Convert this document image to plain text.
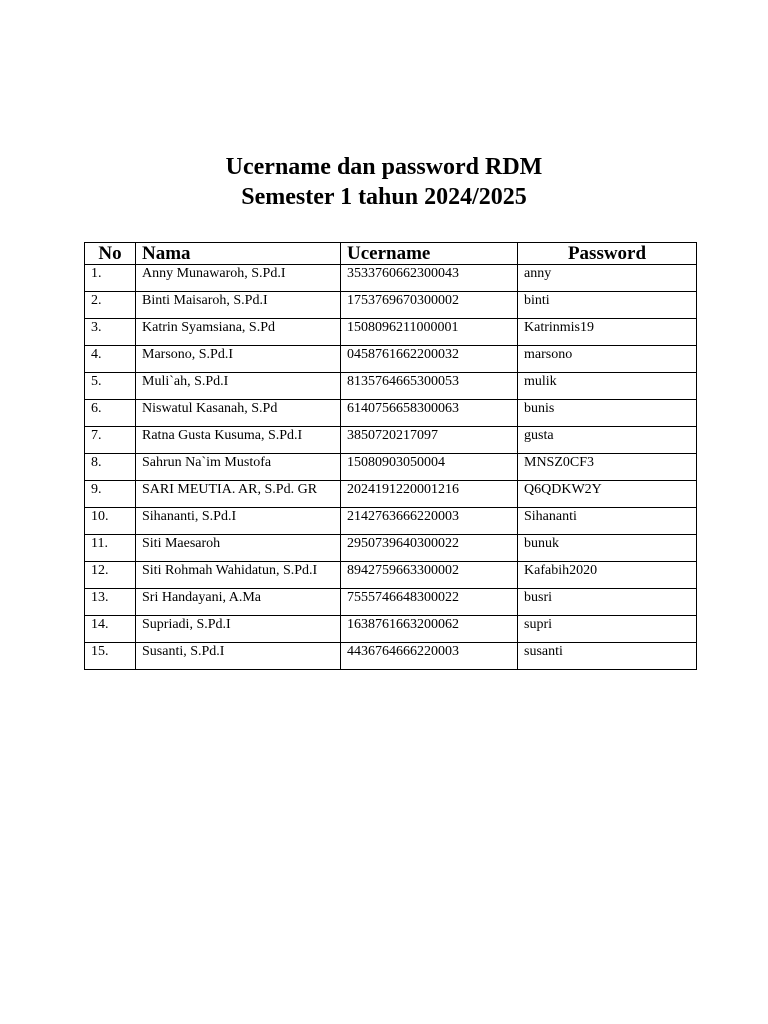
Ucername dan password RDM
Semester 1 tahun 2024/2025
No	Nama	Ucername	Password
1.	Anny Munawaroh, S.Pd.I	3533760662300043	anny
2.	Binti Maisaroh, S.Pd.I	1753769670300002	binti
3.	Katrin Syamsiana, S.Pd	1508096211000001	Katrinmis19
4.	Marsono, S.Pd.I	0458761662200032	marsono
5.	Muli`ah, S.Pd.I	8135764665300053	mulik
6.	Niswatul Kasanah, S.Pd	6140756658300063	bunis
7.	Ratna Gusta Kusuma, S.Pd.I	3850720217097	gusta
8.	Sahrun Na`im Mustofa	15080903050004	MNSZ0CF3
9.	SARI MEUTIA. AR, S.Pd. GR	2024191220001216	Q6QDKW2Y
10.	Sihananti, S.Pd.I	2142763666220003	Sihananti
11.	Siti Maesaroh	2950739640300022	bunuk
12.	Siti Rohmah Wahidatun, S.Pd.I	8942759663300002	Kafabih2020
13.	Sri Handayani, A.Ma	7555746648300022	busri
14.	Supriadi, S.Pd.I	1638761663200062	supri
15.	Susanti, S.Pd.I	4436764666220003	susanti
